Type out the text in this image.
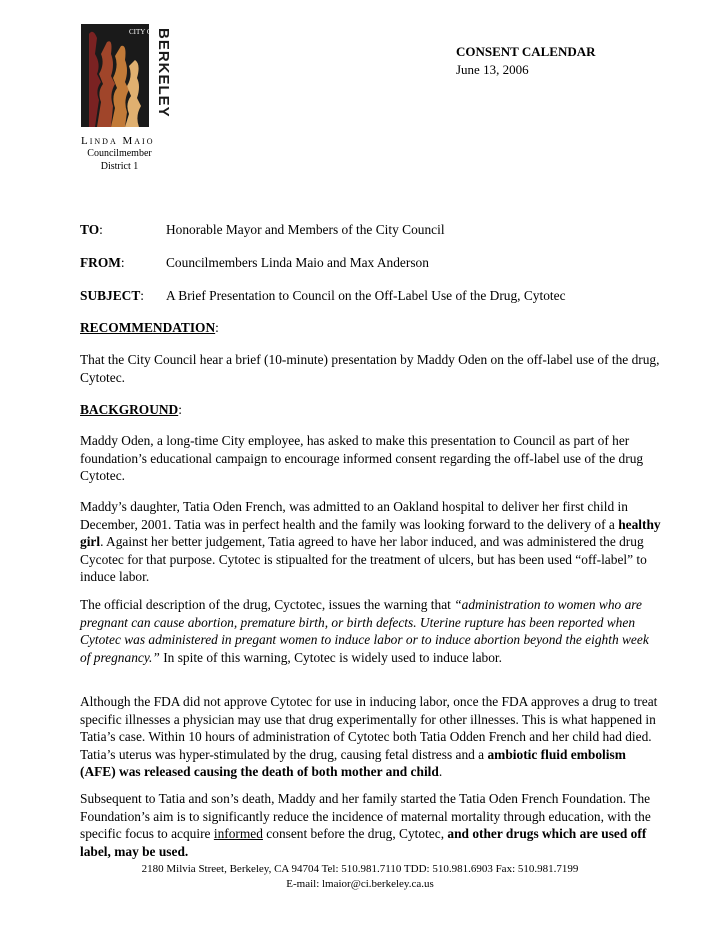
CITY OF BERKELEY
LINDA MAIO
Councilmember
District 1
CONSENT CALENDAR
June 13, 2006
TO:	Honorable Mayor and Members of the City Council
FROM:	Councilmembers Linda Maio and Max Anderson
SUBJECT: A Brief Presentation to Council on the Off-Label Use of the Drug, Cytotec
RECOMMENDATION:
That the City Council hear a brief (10-minute) presentation by Maddy Oden on the off-label use of the drug, Cytotec.
BACKGROUND:
Maddy Oden, a long-time City employee, has asked to make this presentation to Council as part of her foundation’s educational campaign to encourage informed consent regarding the off-label use of the drug Cytotec.
Maddy’s daughter, Tatia Oden French, was admitted to an Oakland hospital to deliver her first child in December, 2001. Tatia was in perfect health and the family was looking forward to the delivery of a healthy girl. Against her better judgement, Tatia agreed to have her labor induced, and was administered the drug Cycotec for that purpose. Cytotec is stipualted for the treatment of ulcers, but has been used “off-label” to induce labor.
The official description of the drug, Cyctotec, issues the warning that “administration to women who are pregnant can cause abortion, premature birth, or birth defects. Uterine rupture has been reported when Cytotec was administered in pregant women to induce labor or to induce abortion beyond the eighth week of pregnancy.” In spite of this warning, Cytotec is widely used to induce labor.
Although the FDA did not approve Cytotec for use in inducing labor, once the FDA approves a drug to treat specific illnesses a physician may use that drug experimentally for other illnesses. This is what happened in Tatia’s case. Within 10 hours of administration of Cytotec both Tatia Odden French and her child had died. Tatia’s uterus was hyper-stimulated by the drug, causing fetal distress and a ambiotic fluid embolism (AFE) was released causing the death of both mother and child.
Subsequent to Tatia and son’s death, Maddy and her family started the Tatia Oden French Foundation. The Foundation’s aim is to significantly reduce the incidence of maternal mortality through education, with the specific focus to acquire informed consent before the drug, Cytotec, and other drugs which are used off label, may be used.
2180 Milvia Street, Berkeley, CA 94704 Tel: 510.981.7110 TDD: 510.981.6903 Fax: 510.981.7199
E-mail: lmaior@ci.berkeley.ca.us
